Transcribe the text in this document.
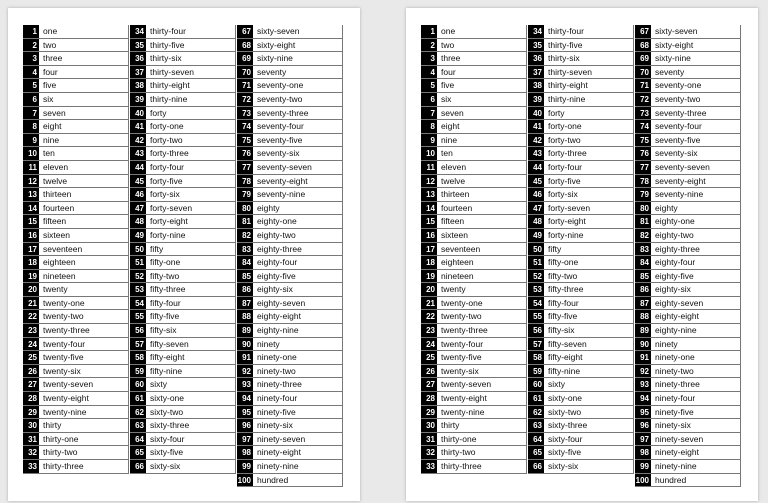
1 one
2 two
3 three
4 four
5 five
6 six
7 seven
8 eight
9 nine
10 ten
11 eleven
12 twelve
13 thirteen
14 fourteen
15 fifteen
16 sixteen
17 seventeen
18 eighteen
19 nineteen
20 twenty
21 twenty-one
22 twenty-two
23 twenty-three
24 twenty-four
25 twenty-five
26 twenty-six
27 twenty-seven
28 twenty-eight
29 twenty-nine
30 thirty
31 thirty-one
32 thirty-two
33 thirty-three
34 thirty-four
35 thirty-five
36 thirty-six
37 thirty-seven
38 thirty-eight
39 thirty-nine
40 forty
41 forty-one
42 forty-two
43 forty-three
44 forty-four
45 forty-five
46 forty-six
47 forty-seven
48 forty-eight
49 forty-nine
50 fifty
51 fifty-one
52 fifty-two
53 fifty-three
54 fifty-four
55 fifty-five
56 fifty-six
57 fifty-seven
58 fifty-eight
59 fifty-nine
60 sixty
61 sixty-one
62 sixty-two
63 sixty-three
64 sixty-four
65 sixty-five
66 sixty-six
67 sixty-seven
68 sixty-eight
69 sixty-nine
70 seventy
71 seventy-one
72 seventy-two
73 seventy-three
74 seventy-four
75 seventy-five
76 seventy-six
77 seventy-seven
78 seventy-eight
79 seventy-nine
80 eighty
81 eighty-one
82 eighty-two
83 eighty-three
84 eighty-four
85 eighty-five
86 eighty-six
87 eighty-seven
88 eighty-eight
89 eighty-nine
90 ninety
91 ninety-one
92 ninety-two
93 ninety-three
94 ninety-four
95 ninety-five
96 ninety-six
97 ninety-seven
98 ninety-eight
99 ninety-nine
100 hundred
1 one
2 two
3 three
4 four
5 five
6 six
7 seven
8 eight
9 nine
10 ten
11 eleven
12 twelve
13 thirteen
14 fourteen
15 fifteen
16 sixteen
17 seventeen
18 eighteen
19 nineteen
20 twenty
21 twenty-one
22 twenty-two
23 twenty-three
24 twenty-four
25 twenty-five
26 twenty-six
27 twenty-seven
28 twenty-eight
29 twenty-nine
30 thirty
31 thirty-one
32 thirty-two
33 thirty-three
34 thirty-four
35 thirty-five
36 thirty-six
37 thirty-seven
38 thirty-eight
39 thirty-nine
40 forty
41 forty-one
42 forty-two
43 forty-three
44 forty-four
45 forty-five
46 forty-six
47 forty-seven
48 forty-eight
49 forty-nine
50 fifty
51 fifty-one
52 fifty-two
53 fifty-three
54 fifty-four
55 fifty-five
56 fifty-six
57 fifty-seven
58 fifty-eight
59 fifty-nine
60 sixty
61 sixty-one
62 sixty-two
63 sixty-three
64 sixty-four
65 sixty-five
66 sixty-six
67 sixty-seven
68 sixty-eight
69 sixty-nine
70 seventy
71 seventy-one
72 seventy-two
73 seventy-three
74 seventy-four
75 seventy-five
76 seventy-six
77 seventy-seven
78 seventy-eight
79 seventy-nine
80 eighty
81 eighty-one
82 eighty-two
83 eighty-three
84 eighty-four
85 eighty-five
86 eighty-six
87 eighty-seven
88 eighty-eight
89 eighty-nine
90 ninety
91 ninety-one
92 ninety-two
93 ninety-three
94 ninety-four
95 ninety-five
96 ninety-six
97 ninety-seven
98 ninety-eight
99 ninety-nine
100 hundred
